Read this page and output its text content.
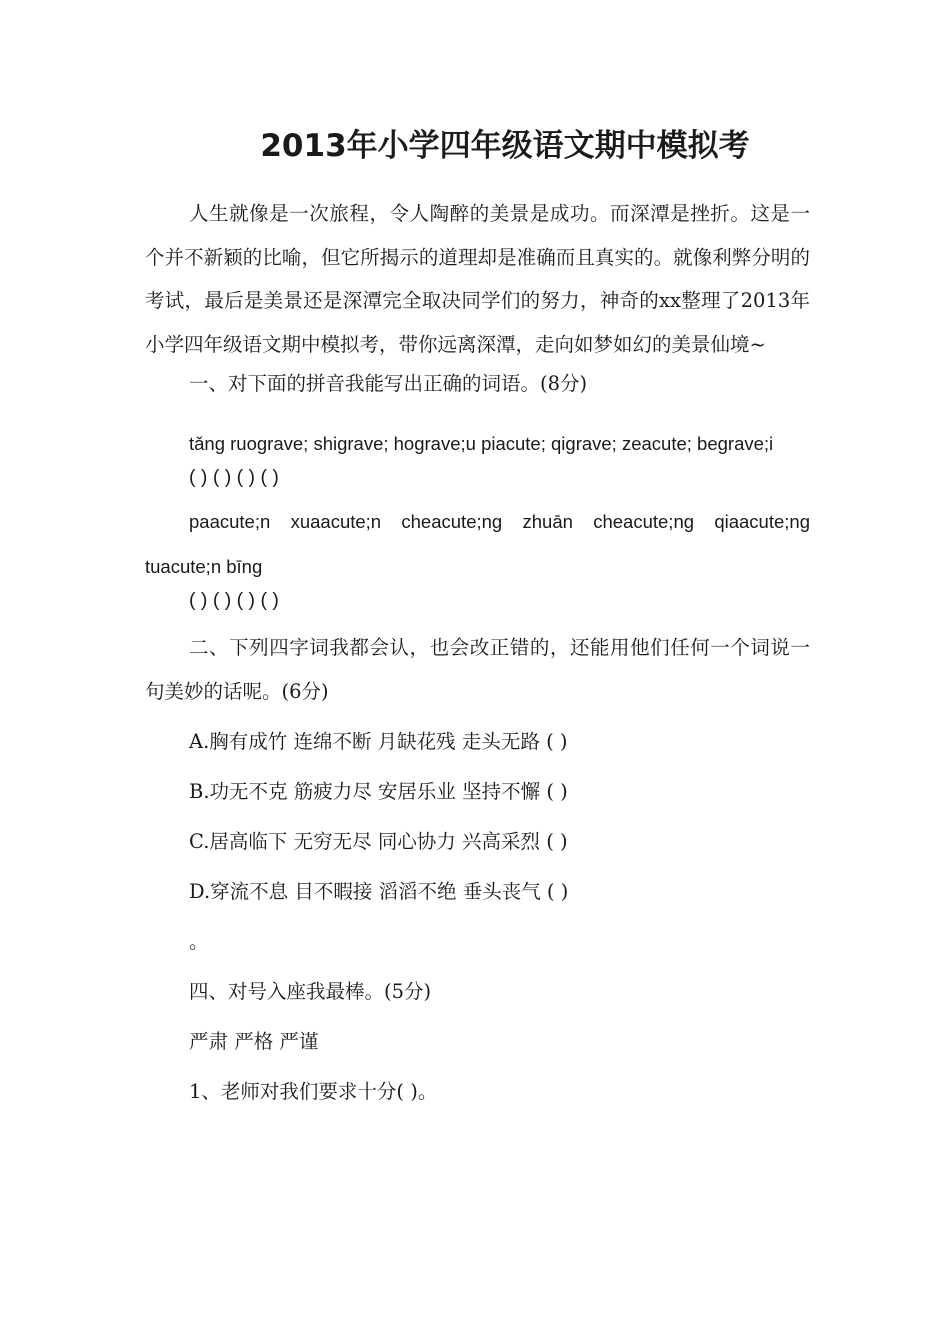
2013年小学四年级语文期中模拟考

人生就像是一次旅程，令人陶醉的美景是成功。而深潭是挫折。这是一个并不新颖的比喻，但它所揭示的道理却是准确而且真实的。就像利弊分明的考试，最后是美景还是深潭完全取决同学们的努力，神奇的xx整理了2013年小学四年级语文期中模拟考，带你远离深潭，走向如梦如幻的美景仙境~

一、对下面的拼音我能写出正确的词语。(8分)

tǎng ruograve; shigrave; hograve;u piacute; qigrave; zeacute; begrave;i

( ) ( ) ( ) ( )

paacute;n xuaacute;n cheacute;ng zhuān cheacute;ng qiaacute;ng tuacute;n bīng

( ) ( ) ( ) ( )

二、下列四字词我都会认，也会改正错的，还能用他们任何一个词说一句美妙的话呢。(6分)

A.胸有成竹 连绵不断 月缺花残 走头无路 ( )

B.功无不克 筋疲力尽 安居乐业 坚持不懈 ( )

C.居高临下 无穷无尽 同心协力 兴高采烈 ( )

D.穿流不息 目不暇接 滔滔不绝 垂头丧气 ( )

。

四、对号入座我最棒。(5分)

严肃 严格 严谨

1、老师对我们要求十分( )。
